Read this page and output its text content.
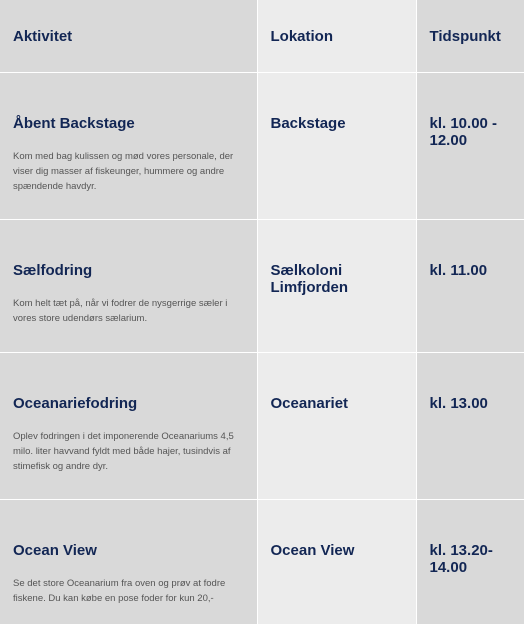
Aktivitet	Lokation	Tidspunkt

Åbent Backstage

Kom med bag kulissen og mød vores personale, der viser dig masser af fiskeunger, hummere og andre spændende havdyr.	Backstage	kl. 10.00 - 12.00

Sælfodring

Kom helt tæt på, når vi fodrer de nysgerrige sæler i vores store udendørs sælarium.	Sælkoloni Limfjorden	kl. 11.00

Oceanariefodring

Oplev fodringen i det imponerende Oceanariums 4,5 milo. liter havvand fyldt med både hajer, tusindvis af stimefisk og andre dyr.	Oceanariet	kl. 13.00

Ocean View

Se det store Oceanarium fra oven og prøv at fodre fiskene. Du kan købe en pose foder for kun 20,-	Ocean View	kl. 13.20- 14.00
